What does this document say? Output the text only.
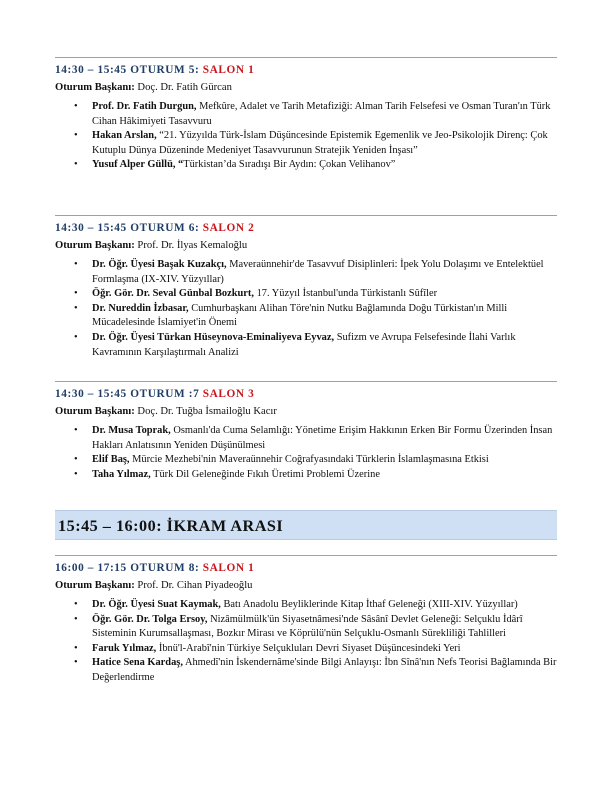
14:30 – 15:45 OTURUM 5: SALON 1
Oturum Başkanı: Doç. Dr. Fatih Gürcan
• Prof. Dr. Fatih Durgun, Mefkûre, Adalet ve Tarih Metafiziği: Alman Tarih Felsefesi ve Osman Turan'ın Türk Cihan Hâkimiyeti Tasavvuru
• Hakan Arslan, “21. Yüzyılda Türk-İslam Düşüncesinde Epistemik Egemenlik ve Jeo-Psikolojik Direnç: Çok Kutuplu Dünya Düzeninde Medeniyet Tasavvurunun Stratejik Yeniden İnşası”
• Yusuf Alper Güllü, “Türkistan’da Sıradışı Bir Aydın: Çokan Velihanov”
14:30 – 15:45 OTURUM 6: SALON 2
Oturum Başkanı: Prof. Dr. İlyas Kemaloğlu
• Dr. Öğr. Üyesi Başak Kuzakçı, Maveraünnehir'de Tasavvuf Disiplinleri: İpek Yolu Dolaşımı ve Entelektüel Formlaşma (IX-XIV. Yüzyıllar)
• Öğr. Gör. Dr. Seval Günbal Bozkurt, 17. Yüzyıl İstanbul'unda Türkistanlı Sûfîler
• Dr. Nureddin İzbasar, Cumhurbaşkanı Alihan Töre'nin Nutku Bağlamında Doğu Türkistan'ın Milli Mücadelesinde İslamiyet'in Önemi
• Dr. Öğr. Üyesi Türkan Hüseynova-Eminaliyeva Eyvaz, Sufizm ve Avrupa Felsefesinde İlahi Varlık Kavramının Karşılaştırmalı Analizi
14:30 – 15:45 OTURUM :7 SALON 3
Oturum Başkanı: Doç. Dr. Tuğba İsmailoğlu Kacır
• Dr. Musa Toprak, Osmanlı'da Cuma Selamlığı: Yönetime Erişim Hakkının Erken Bir Formu Üzerinden İnsan Hakları Anlatısının Yeniden Düşünülmesi
• Elif Baş, Mürcie Mezhebi'nin Maveraünnehir Coğrafyasındaki Türklerin İslamlaşmasına Etkisi
• Taha Yılmaz, Türk Dil Geleneğinde Fıkıh Üretimi Problemi Üzerine
15:45 – 16:00: İKRAM ARASI
16:00 – 17:15 OTURUM 8: SALON 1
Oturum Başkanı: Prof. Dr. Cihan Piyadeoğlu
• Dr. Öğr. Üyesi Suat Kaymak, Batı Anadolu Beyliklerinde Kitap İthaf Geleneği (XIII-XIV. Yüzyıllar)
• Öğr. Gör. Dr. Tolga Ersoy, Nizâmülmülk'ün Siyasetnâmesi'nde Sâsânî Devlet Geleneği: Selçuklu İdârî Sisteminin Kurumsallaşması, Bozkır Mirası ve Köprülü'nün Selçuklu-Osmanlı Sürekliliği Tahlilleri
• Faruk Yılmaz, İbnü'l-Arabî'nin Türkiye Selçukluları Devri Siyaset Düşüncesindeki Yeri
• Hatice Sena Kardaş, Ahmedî'nin İskendernâme'sinde Bilgi Anlayışı: İbn Sînâ'nın Nefs Teorisi Bağlamında Bir Değerlendirme
